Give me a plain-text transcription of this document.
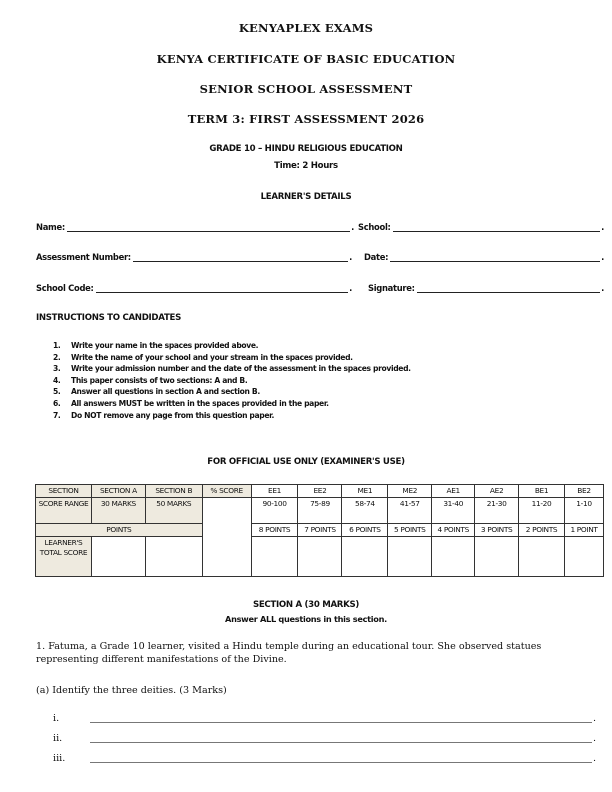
KENYAPLEX EXAMS
KENYA CERTIFICATE OF BASIC EDUCATION
SENIOR SCHOOL ASSESSMENT
TERM 3: FIRST ASSESSMENT 2026
GRADE 10 – HINDU RELIGIOUS EDUCATION
Time: 2 Hours
LEARNER'S DETAILS
Name:	. School:	.
Assessment Number:	. Date:	.
School Code:	. Signature:	.
INSTRUCTIONS TO CANDIDATES
1.	Write your name in the spaces provided above.
2.	Write the name of your school and your stream in the spaces provided.
3.	Write your admission number and the date of the assessment in the spaces provided.
4.	This paper consists of two sections: A and B.
5.	Answer all questions in section A and section B.
6.	All answers MUST be written in the spaces provided in the paper.
7.	Do NOT remove any page from this question paper.
FOR OFFICIAL USE ONLY (EXAMINER'S USE)
SECTION	SECTION A	SECTION B	% SCORE	EE1	EE2	ME1	ME2	AE1	AE2	BE1	BE2
SCORE RANGE	30 MARKS	50 MARKS		90-100	75-89	58-74	41-57	31-40	21-30	11-20	1-10
POINTS				8 POINTS	7 POINTS	6 POINTS	5 POINTS	4 POINTS	3 POINTS	2 POINTS	1 POINT
LEARNER'S TOTAL SCORE											
SECTION A (30 MARKS)
Answer ALL questions in this section.
1. Fatuma, a Grade 10 learner, visited a Hindu temple during an educational tour. She observed statues representing different manifestations of the Divine.
(a) Identify the three deities. (3 Marks)
i.	.
ii.	.
iii.	.
